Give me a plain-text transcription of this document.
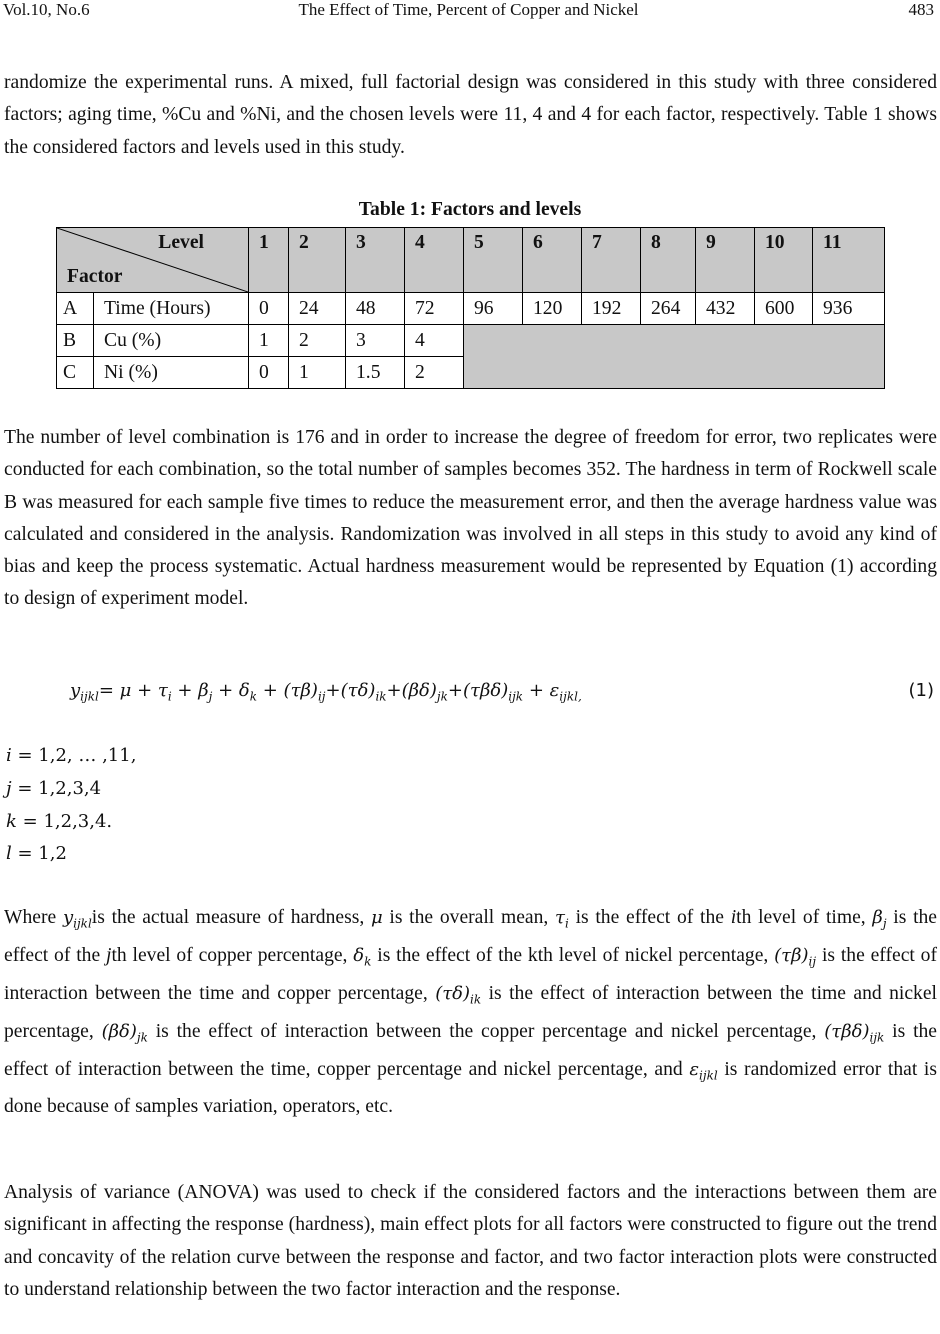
Vol.10, No.6	The Effect of Time, Percent of Copper and Nickel	483

randomize the experimental runs. A mixed, full factorial design was considered in this study with three considered factors; aging time, %Cu and %Ni, and the chosen levels were 11, 4 and 4 for each factor, respectively. Table 1 shows the considered factors and levels used in this study.

Table 1: Factors and levels
Level
Factor		1	2	3	4	5	6	7	8	9	10	11
A	Time (Hours)	0	24	48	72	96	120	192	264	432	600	936
B	Cu (%)	1	2	3	4							
C	Ni (%)	0	1	1.5	2							

The number of level combination is 176 and in order to increase the degree of freedom for error, two replicates were conducted for each combination, so the total number of samples becomes 352. The hardness in term of Rockwell scale B was measured for each sample five times to reduce the measurement error, and then the average hardness value was calculated and considered in the analysis. Randomization was involved in all steps in this study to avoid any kind of bias and keep the process systematic. Actual hardness measurement would be represented by Equation (1) according to design of experiment model.

$y_{ijkl}= \mu + \tau_i + \beta_j + \delta_k + (\tau\beta)_{ij}+(\tau\delta)_{ik}+(\beta\delta)_{jk}+(\tau\beta\delta)_{ijk} + \varepsilon_{ijkl,}$	(1)
i = 1,2, … ,11,
j = 1,2,3,4
k = 1,2,3,4.
l = 1,2

Where $y_{ijkl}is$ the actual measure of hardness, μ is the overall mean, $\tau_i$ is the effect of the ith level of time, $\beta_j$ is the effect of the jth level of copper percentage, $\delta_k$ is the effect of the kth level of nickel percentage, $(\tau\beta)_{ij}$ is the effect of interaction between the time and copper percentage, $(\tau\delta)_{ik}$ is the effect of interaction between the time and nickel percentage, $(\beta\delta)_{jk}$ is the effect of interaction between the copper percentage and nickel percentage, $(\tau\beta\delta)_{ijk}$ is the effect of interaction between the time, copper percentage and nickel percentage, and $\varepsilon_{ijkl}$ is randomized error that is done because of samples variation, operators, etc.

Analysis of variance (ANOVA) was used to check if the considered factors and the interactions between them are significant in affecting the response (hardness), main effect plots for all factors were constructed to figure out the trend and concavity of the relation curve between the response and factor, and two factor interaction plots were constructed to understand relationship between the two factor interaction and the response.
